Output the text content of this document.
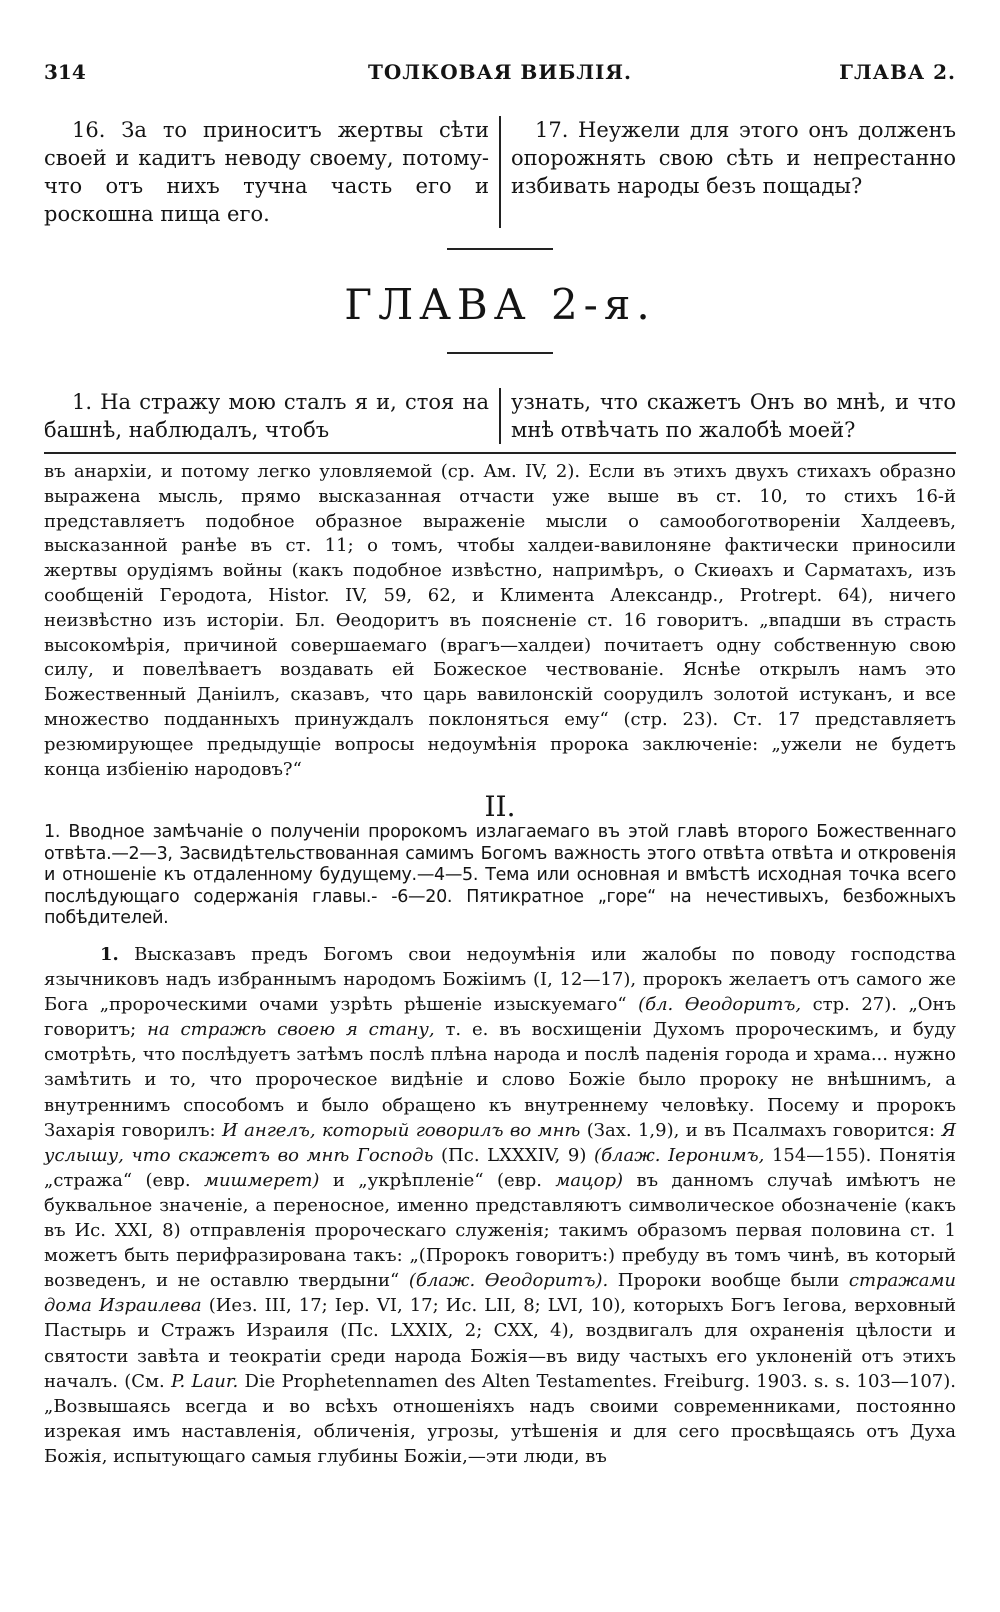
314	ТОЛКОВАЯ ВИБЛІЯ.	ГЛАВА 2.
16. За то приноситъ жертвы сѣти своей и кадитъ неводу своему, потому-что отъ нихъ тучна часть его и роскошна пища его.
17. Неужели для этого онъ долженъ опорожнять свою сѣть и непрестанно избивать народы безъ пощады?
ГЛАВА 2-я.
1. На стражу мою сталъ я и, стоя на башнѣ, наблюдалъ, чтобъ
узнать, что скажетъ Онъ во мнѣ, и что мнѣ отвѣчать по жалобѣ моей?
въ анархіи, и потому легко уловляемой (ср. Ам. IV, 2). Если въ этихъ двухъ стихахъ образно выражена мысль, прямо высказанная отчасти уже выше въ ст. 10, то стихъ 16-й представляетъ подобное образное выраженіе мысли о самообоготвореніи Халдеевъ, высказанной ранѣе въ ст. 11; о томъ, чтобы халдеи-вавилоняне фактически приносили жертвы орудіямъ войны (какъ подобное извѣстно, напримѣръ, о Скиѳахъ и Сарматахъ, изъ сообщеній Геродота, Histor. IV, 59, 62, и Климента Александр., Protrept. 64), ничего неизвѣстно изъ исторіи. Бл. Ѳеодоритъ въ поясненіе ст. 16 говоритъ. „впадши въ страсть высокомѣрія, причиной совершаемаго (врагъ—халдеи) почитаетъ одну собственную свою силу, и повелѣваетъ воздавать ей Божеское чествованіе. Яснѣе открылъ намъ это Божественный Даніилъ, сказавъ, что царь вавилонскій соорудилъ золотой истуканъ, и все множество подданныхъ принуждалъ поклоняться ему“ (стр. 23). Ст. 17 представляетъ резюмирующее предыдущіе вопросы недоумѣнія пророка заключеніе: „ужели не будетъ конца избіенію народовъ?“
II.
1. Вводное замѣчаніе о полученіи пророкомъ излагаемаго въ этой главѣ второго Божественнаго отвѣта.—2—3, Засвидѣтельствованная самимъ Богомъ важность этого отвѣта отвѣта и откровенія и отношеніе къ отдаленному будущему.—4—5. Тема или основная и вмѣстѣ исходная точка всего послѣдующаго содержанія главы.- -6—20. Пятикратное „горе“ на нечестивыхъ, безбожныхъ побѣдителей.
1. Высказавъ предъ Богомъ свои недоумѣнія или жалобы по поводу господства язычниковъ надъ избраннымъ народомъ Божіимъ (I, 12—17), пророкъ желаетъ отъ самого же Бога „пророческими очами узрѣть рѣшеніе изыскуемаго“ (бл. Ѳеодоритъ, стр. 27). „Онъ говоритъ; на стражѣ своею я стану, т. е. въ восхищеніи Духомъ пророческимъ, и буду смотрѣть, что послѣдуетъ затѣмъ послѣ плѣна народа и послѣ паденія города и храма... нужно замѣтить и то, что пророческое видѣніе и слово Божіе было пророку не внѣшнимъ, а внутреннимъ способомъ и было обращено къ внутреннему человѣку. Посему и пророкъ Захарія говорилъ: И ангелъ, который говорилъ во мнѣ (Зах. 1,9), и въ Псалмахъ говорится: Я услышу, что скажетъ во мнѣ Господь (Пс. LXXXIV, 9) (блаж. Іеронимъ, 154—155). Понятія „стража“ (евр. мишмерет) и „укрѣпленіе“ (евр. мацор) въ данномъ случаѣ имѣютъ не буквальное значеніе, а переносное, именно представляютъ символическое обозначеніе (какъ въ Ис. XXI, 8) отправленія пророческаго служенія; такимъ образомъ первая половина ст. 1 можетъ быть перифразирована такъ: „(Пророкъ говоритъ:) пребуду въ томъ чинѣ, въ который возведенъ, и не оставлю твердыни“ (блаж. Ѳеодоритъ). Пророки вообще были стражами дома Израилева (Иез. III, 17; Іер. VI, 17; Ис. LII, 8; LVI, 10), которыхъ Богъ Іегова, верховный Пастырь и Стражъ Израиля (Пс. LXXIX, 2; CXX, 4), воздвигалъ для охраненія цѣлости и святости завѣта и теократіи среди народа Божія—въ виду частыхъ его уклоненій отъ этихъ началъ. (См. P. Laur. Die Prophetennamen des Alten Testamentes. Freiburg. 1903. s. s. 103—107). „Возвышаясь всегда и во всѣхъ отношеніяхъ надъ своими современниками, постоянно изрекая имъ наставленія, обличенія, угрозы, утѣшенія и для сего просвѣщаясь отъ Духа Божія, испытующаго самыя глубины Божіи,—эти люди, въ
